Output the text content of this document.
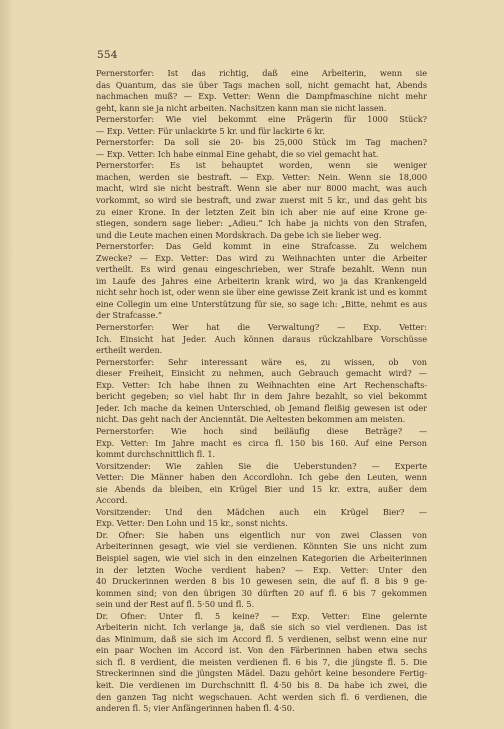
554
Pernerstorfer: Ist das richtig, daß eine Arbeiterin, wenn sie
das Quantum, das sie über Tags machen soll, nicht gemacht hat, Abends
nachmachen muß? — Exp. Vetter: Wenn die Dampfmaschine nicht mehr
geht, kann sie ja nicht arbeiten. Nachsitzen kann man sie nicht lassen.
Pernerstorfer: Wie viel bekommt eine Prägerin für 1000 Stück?
— Exp. Vetter: Für unlackirte 5 kr. und für lackirte 6 kr.
Pernerstorfer: Da soll sie 20- bis 25,000 Stück im Tag machen?
— Exp. Vetter: Ich habe einmal Eine gehabt, die so viel gemacht hat.
Pernerstorfer: Es ist behauptet worden, wenn sie weniger
machen, werden sie bestraft. — Exp. Vetter: Nein. Wenn sie 18,000
macht, wird sie nicht bestraft. Wenn sie aber nur 8000 macht, was auch
vorkommt, so wird sie bestraft, und zwar zuerst mit 5 kr., und das geht bis
zu einer Krone. In der letzten Zeit bin ich aber nie auf eine Krone ge-
stiegen, sondern sage lieber: „Adieu.“ Ich habe ja nichts von den Strafen,
und die Leute machen einen Mordskrach. Da gebe ich sie lieber weg.
Pernerstorfer: Das Geld kommt in eine Strafcasse. Zu welchem
Zwecke? — Exp. Vetter: Das wird zu Weihnachten unter die Arbeiter
vertheilt. Es wird genau eingeschrieben, wer Strafe bezahlt. Wenn nun
im Laufe des Jahres eine Arbeiterin krank wird, wo ja das Krankengeld
nicht sehr hoch ist, oder wenn sie über eine gewisse Zeit krank ist und es kommt
eine Collegin um eine Unterstützung für sie, so sage ich: „Bitte, nehmt es aus
der Strafcasse.“
Pernerstorfer: Wer hat die Verwaltung? — Exp. Vetter:
Ich. Einsicht hat Jeder. Auch können daraus rückzahlbare Vorschüsse
ertheilt werden.
Pernerstorfer: Sehr interessant wäre es, zu wissen, ob von
dieser Freiheit, Einsicht zu nehmen, auch Gebrauch gemacht wird? —
Exp. Vetter: Ich habe ihnen zu Weihnachten eine Art Rechenschafts-
bericht gegeben; so viel habt Ihr in dem Jahre bezahlt, so viel bekommt
Jeder. Ich mache da keinen Unterschied, ob Jemand fleißig gewesen ist oder
nicht. Das geht nach der Ancienntät. Die Aeltesten bekommen am meisten.
Pernerstorfer: Wie hoch sind beiläufig diese Beträge? —
Exp. Vetter: Im Jahre macht es circa fl. 150 bis 160. Auf eine Person
kommt durchschnittlich fl. 1.
Vorsitzender: Wie zahlen Sie die Ueberstunden? — Experte
Vetter: Die Männer haben den Accordlohn. Ich gebe den Leuten, wenn
sie Abends da bleiben, ein Krügel Bier und 15 kr. extra, außer dem
Accord.
Vorsitzender: Und den Mädchen auch ein Krügel Bier? —
Exp. Vetter: Den Lohn und 15 kr., sonst nichts.
Dr. Ofner: Sie haben uns eigentlich nur von zwei Classen von
Arbeiterinnen gesagt, wie viel sie verdienen. Könnten Sie uns nicht zum
Beispiel sagen, wie viel sich in den einzelnen Kategorien die Arbeiterinnen
in der letzten Woche verdient haben? — Exp. Vetter: Unter den
40 Druckerinnen werden 8 bis 10 gewesen sein, die auf fl. 8 bis 9 ge-
kommen sind; von den übrigen 30 dürften 20 auf fl. 6 bis 7 gekommen
sein und der Rest auf fl. 5·50 und fl. 5.
Dr. Ofner: Unter fl. 5 keine? — Exp. Vetter: Eine gelernte
Arbeiterin nicht. Ich verlange ja, daß sie sich so viel verdienen. Das ist
das Minimum, daß sie sich im Accord fl. 5 verdienen, selbst wenn eine nur
ein paar Wochen im Accord ist. Von den Färberinnen haben etwa sechs
sich fl. 8 verdient, die meisten verdienen fl. 6 bis 7, die jüngste fl. 5. Die
Streckerinnen sind die jüngsten Mädel. Dazu gehört keine besondere Fertig-
keit. Die verdienen im Durchschnitt fl. 4·50 bis 8. Da habe ich zwei, die
den ganzen Tag nicht wegschauen. Acht werden sich fl. 6 verdienen, die
anderen fl. 5; vier Anfängerinnen haben fl. 4·50.
